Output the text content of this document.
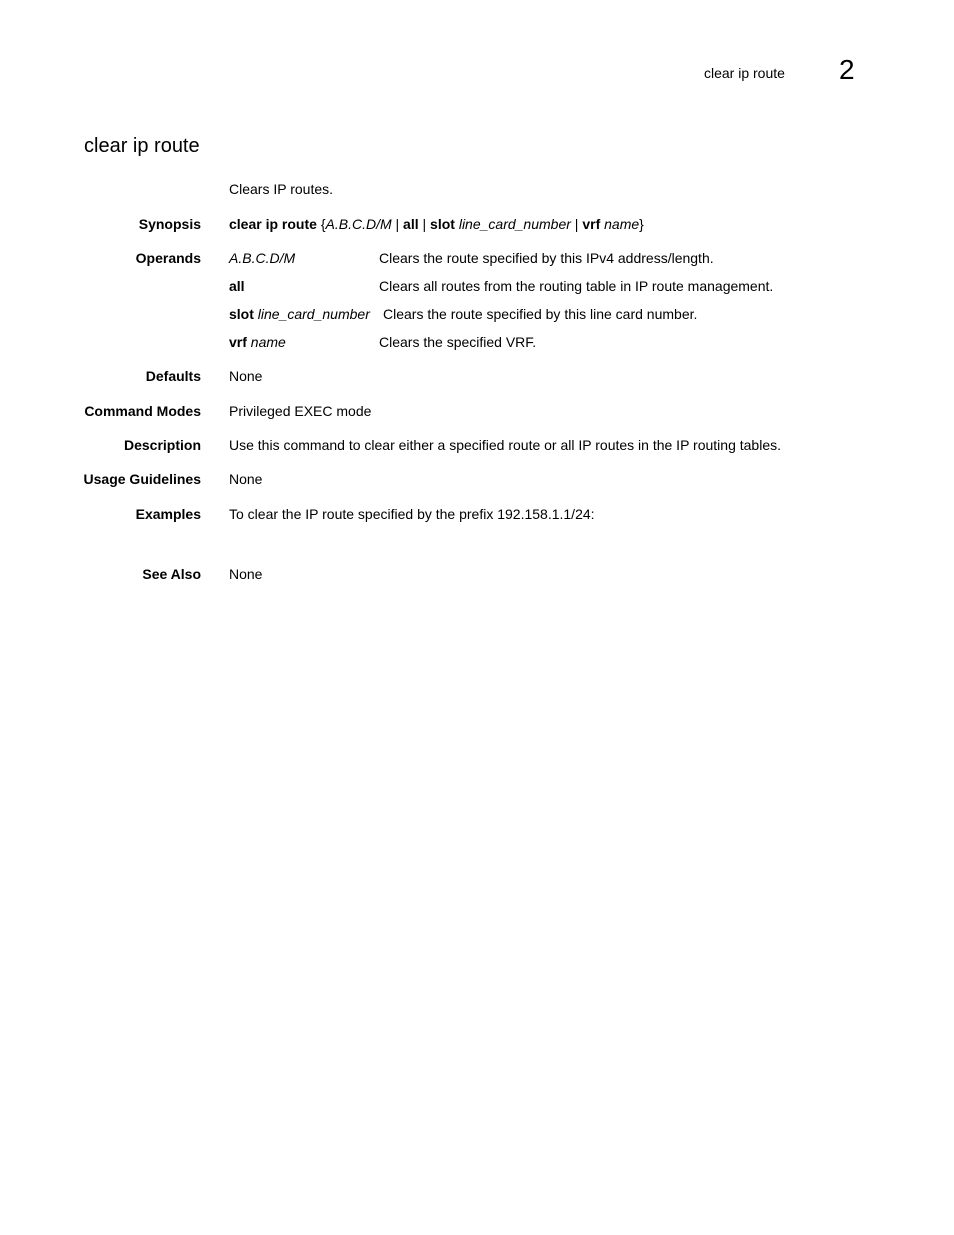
clear ip route 2
clear ip route
Clears IP routes.
Synopsis clear ip route {A.B.C.D/M | all | slot line_card_number | vrf name}
Operands A.B.C.D/M	Clears the route specified by this IPv4 address/length.
all	Clears all routes from the routing table in IP route management.
slot line_card_number Clears the route specified by this line card number.
vrf name	Clears the specified VRF.
Defaults None
Command Modes Privileged EXEC mode
Description Use this command to clear either a specified route or all IP routes in the IP routing tables.
Usage Guidelines None
Examples To clear the IP route specified by the prefix 192.158.1.1/24:
See Also None
